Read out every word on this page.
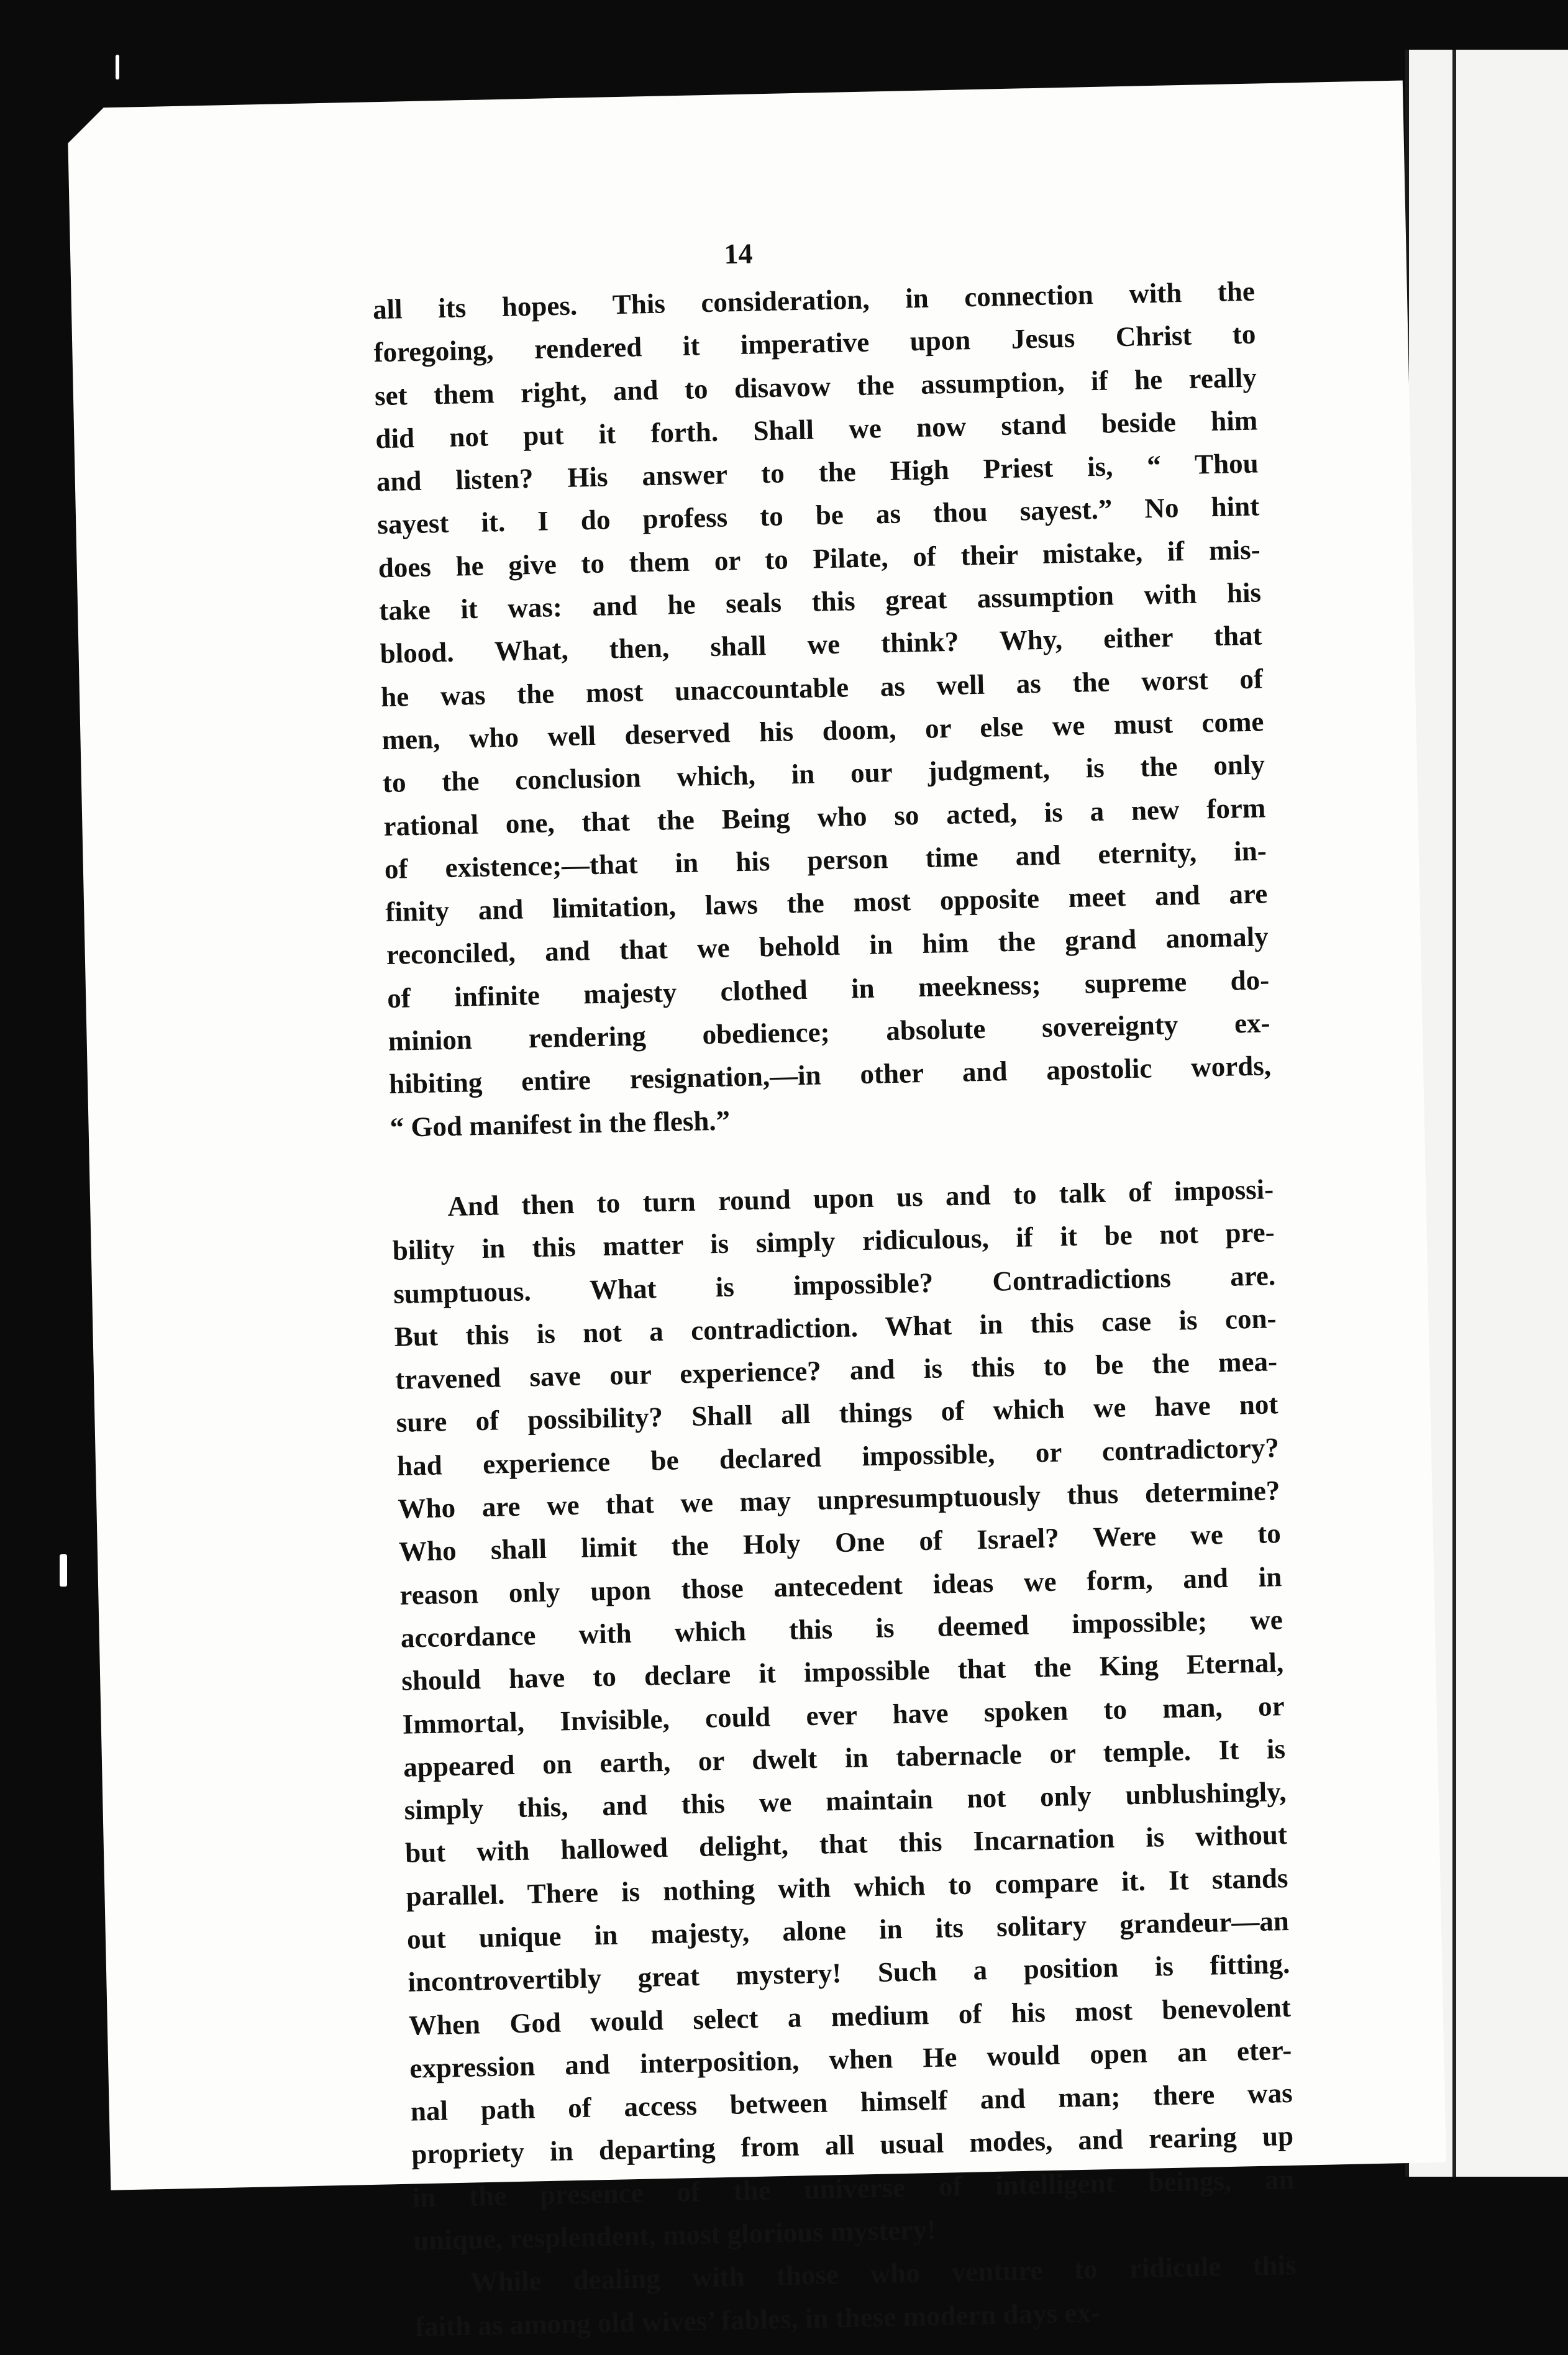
14
all its hopes. This consideration, in connection with the
foregoing, rendered it imperative upon Jesus Christ to
set them right, and to disavow the assumption, if he really
did not put it forth. Shall we now stand beside him
and listen? His answer to the High Priest is, “ Thou
sayest it. I do profess to be as thou sayest.” No hint
does he give to them or to Pilate, of their mistake, if mis-
take it was: and he seals this great assumption with his
blood. What, then, shall we think? Why, either that
he was the most unaccountable as well as the worst of
men, who well deserved his doom, or else we must come
to the conclusion which, in our judgment, is the only
rational one, that the Being who so acted, is a new form
of existence;—that in his person time and eternity, in-
finity and limitation, laws the most opposite meet and are
reconciled, and that we behold in him the grand anomaly
of infinite majesty clothed in meekness; supreme do-
minion rendering obedience; absolute sovereignty ex-
hibiting entire resignation,—in other and apostolic words,
“ God manifest in the flesh.”
And then to turn round upon us and to talk of impossi-
bility in this matter is simply ridiculous, if it be not pre-
sumptuous. What is impossible? Contradictions are.
But this is not a contradiction. What in this case is con-
travened save our experience? and is this to be the mea-
sure of possibility? Shall all things of which we have not
had experience be declared impossible, or contradictory?
Who are we that we may unpresumptuously thus determine?
Who shall limit the Holy One of Israel? Were we to
reason only upon those antecedent ideas we form, and in
accordance with which this is deemed impossible; we
should have to declare it impossible that the King Eternal,
Immortal, Invisible, could ever have spoken to man, or
appeared on earth, or dwelt in tabernacle or temple. It is
simply this, and this we maintain not only unblushingly,
but with hallowed delight, that this Incarnation is without
parallel. There is nothing with which to compare it. It stands
out unique in majesty, alone in its solitary grandeur—an
incontrovertibly great mystery! Such a position is fitting.
When God would select a medium of his most benevolent
expression and interposition, when He would open an eter-
nal path of access between himself and man; there was
propriety in departing from all usual modes, and rearing up
in the presence of the universe of intelligent beings, an
unique, resplendent, most glorious mystery!
While dealing with those who venture to ridicule this
faith as among old wives’ fables, in these modern days ex-
